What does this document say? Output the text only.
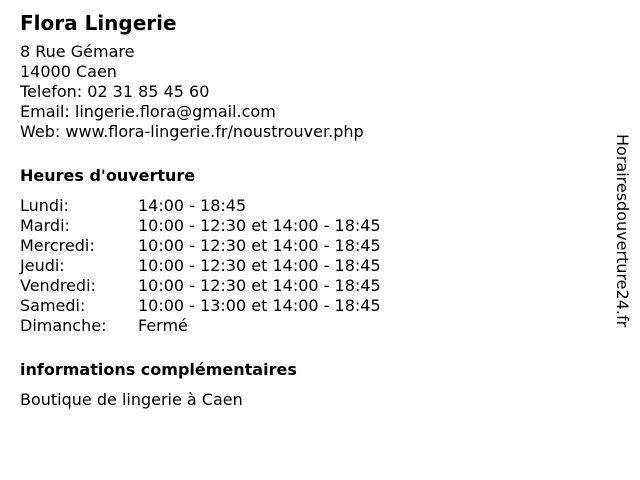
Flora Lingerie
8 Rue Gémare
14000 Caen
Telefon: 02 31 85 45 60
Email: lingerie.flora@gmail.com
Web: www.flora-lingerie.fr/noustrouver.php
Heures d'ouverture
Lundi:	14:00 - 18:45
Mardi:	10:00 - 12:30 et 14:00 - 18:45
Mercredi:	10:00 - 12:30 et 14:00 - 18:45
Jeudi:	10:00 - 12:30 et 14:00 - 18:45
Vendredi:	10:00 - 12:30 et 14:00 - 18:45
Samedi:	10:00 - 13:00 et 14:00 - 18:45
Dimanche:	Fermé
informations complémentaires
Boutique de lingerie à Caen
Horairesdouverture24.fr
